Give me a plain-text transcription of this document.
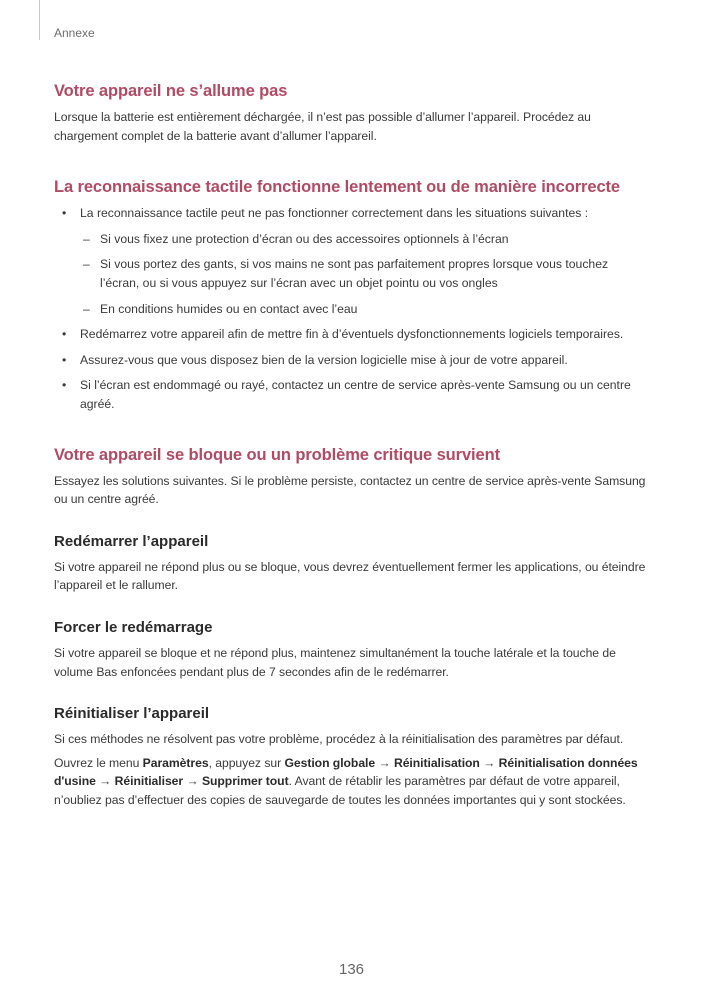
Annexe
Votre appareil ne s’allume pas

Lorsque la batterie est entièrement déchargée, il n’est pas possible d’allumer l’appareil. Procédez au chargement complet de la batterie avant d’allumer l’appareil.

La reconnaissance tactile fonctionne lentement ou de manière incorrecte
• La reconnaissance tactile peut ne pas fonctionner correctement dans les situations suivantes :
– Si vous fixez une protection d’écran ou des accessoires optionnels à l’écran
– Si vous portez des gants, si vos mains ne sont pas parfaitement propres lorsque vous touchez l’écran, ou si vous appuyez sur l’écran avec un objet pointu ou vos ongles
– En conditions humides ou en contact avec l’eau
• Redémarrez votre appareil afin de mettre fin à d’éventuels dysfonctionnements logiciels temporaires.
• Assurez-vous que vous disposez bien de la version logicielle mise à jour de votre appareil.
• Si l’écran est endommagé ou rayé, contactez un centre de service après-vente Samsung ou un centre agréé.
Votre appareil se bloque ou un problème critique survient

Essayez les solutions suivantes. Si le problème persiste, contactez un centre de service après-vente Samsung ou un centre agréé.

Redémarrer l’appareil

Si votre appareil ne répond plus ou se bloque, vous devrez éventuellement fermer les applications, ou éteindre l’appareil et le rallumer.

Forcer le redémarrage

Si votre appareil se bloque et ne répond plus, maintenez simultanément la touche latérale et la touche de volume Bas enfoncées pendant plus de 7 secondes afin de le redémarrer.

Réinitialiser l’appareil

Si ces méthodes ne résolvent pas votre problème, procédez à la réinitialisation des paramètres par défaut.

Ouvrez le menu Paramètres, appuyez sur Gestion globale → Réinitialisation → Réinitialisation données d'usine → Réinitialiser → Supprimer tout. Avant de rétablir les paramètres par défaut de votre appareil, n’oubliez pas d’effectuer des copies de sauvegarde de toutes les données importantes qui y sont stockées.

136
